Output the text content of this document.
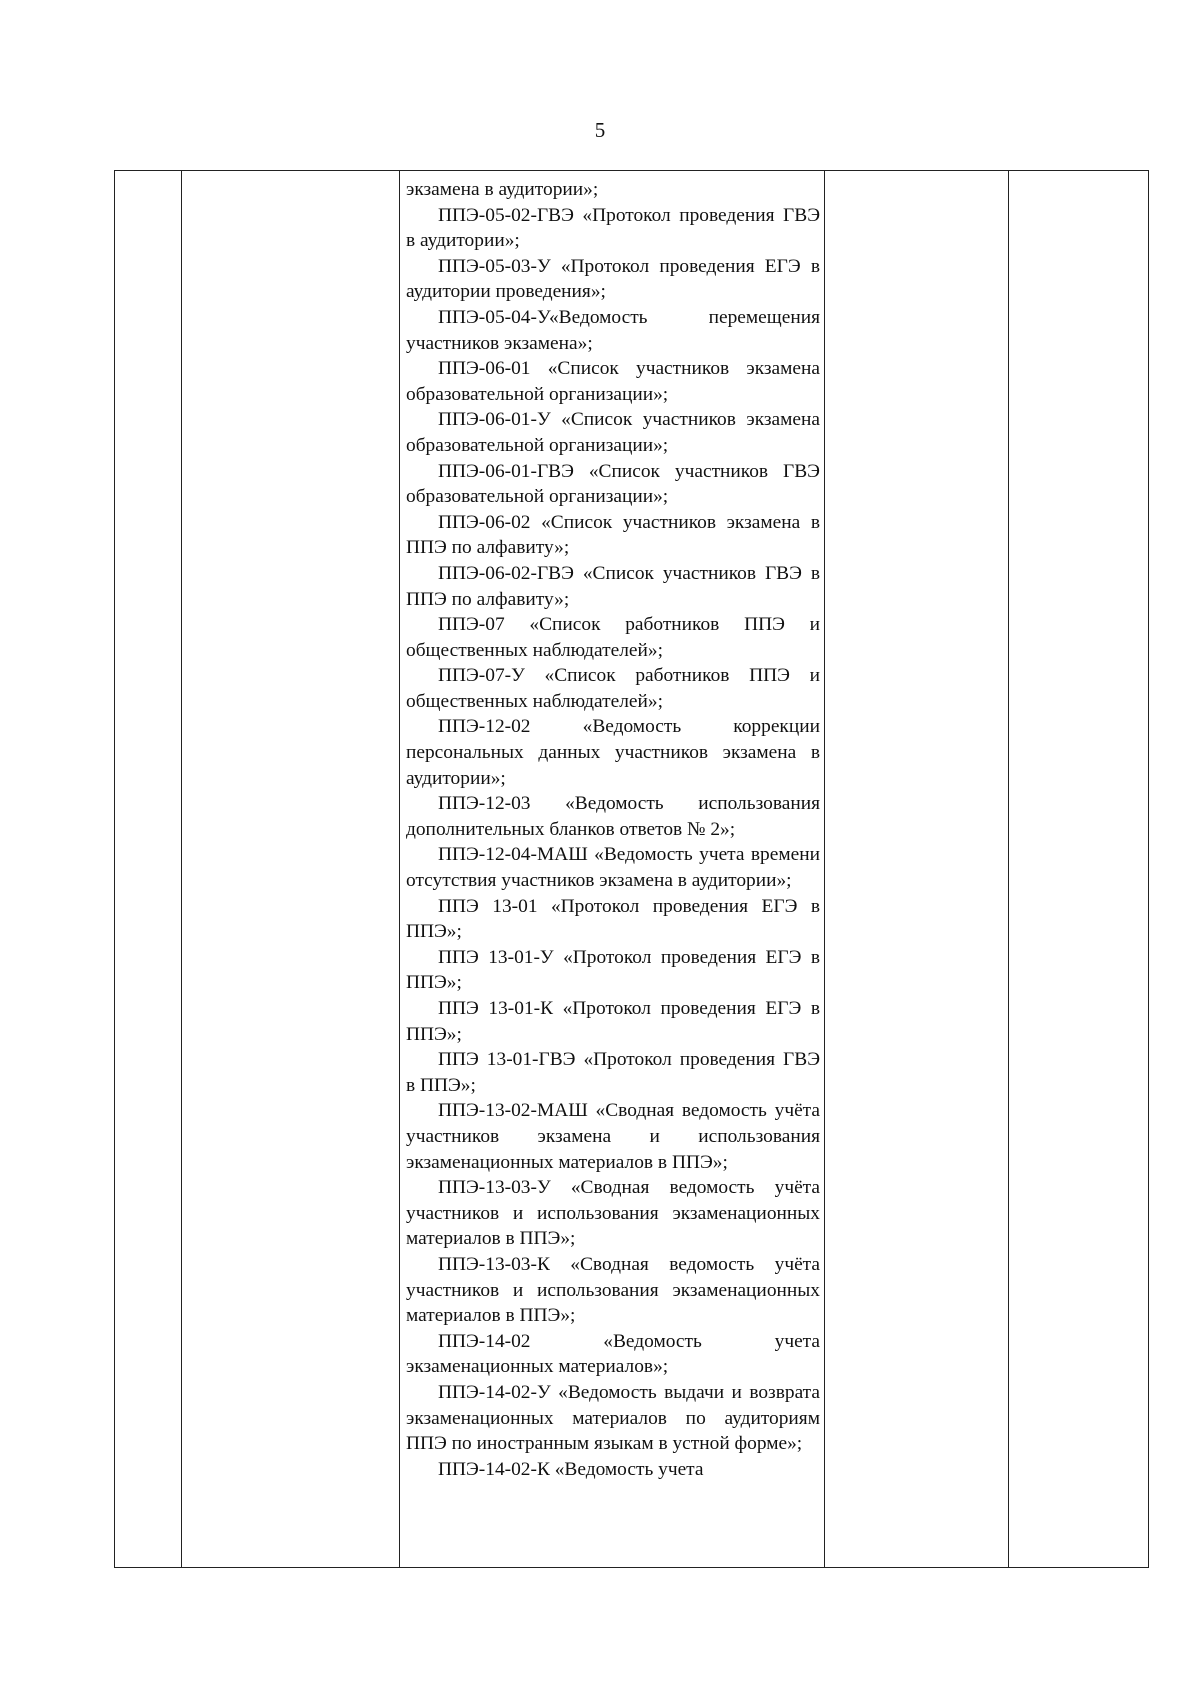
5

экзамена в аудитории»;

ППЭ-05-02-ГВЭ «Протокол проведения ГВЭ в аудитории»;

ППЭ-05-03-У «Протокол проведения ЕГЭ в аудитории проведения»;

ППЭ-05-04-У«Ведомость перемещения участников экзамена»;

ППЭ-06-01 «Список участников экзамена образовательной организации»;

ППЭ-06-01-У «Список участников экзамена образовательной организации»;

ППЭ-06-01-ГВЭ «Список участников ГВЭ образовательной организации»;

ППЭ-06-02 «Список участников экзамена в ППЭ по алфавиту»;

ППЭ-06-02-ГВЭ «Список участников ГВЭ в ППЭ по алфавиту»;

ППЭ-07 «Список работников ППЭ и общественных наблюдателей»;

ППЭ-07-У «Список работников ППЭ и общественных наблюдателей»;

ППЭ-12-02 «Ведомость коррекции персональных данных участников экзамена в аудитории»;

ППЭ-12-03 «Ведомость использования дополнительных бланков ответов № 2»;

ППЭ-12-04-МАШ «Ведомость учета времени отсутствия участников экзамена в аудитории»;

ППЭ 13-01 «Протокол проведения ЕГЭ в ППЭ»;

ППЭ 13-01-У «Протокол проведения ЕГЭ в ППЭ»;

ППЭ 13-01-К «Протокол проведения ЕГЭ в ППЭ»;

ППЭ 13-01-ГВЭ «Протокол проведения ГВЭ в ППЭ»;

ППЭ-13-02-МАШ «Сводная ведомость учёта участников экзамена и использования экзаменационных материалов в ППЭ»;

ППЭ-13-03-У «Сводная ведомость учёта участников и использования экзаменационных материалов в ППЭ»;

ППЭ-13-03-К «Сводная ведомость учёта участников и использования экзаменационных материалов в ППЭ»;

ППЭ-14-02 «Ведомость учета экзаменационных материалов»;

ППЭ-14-02-У «Ведомость выдачи и возврата экзаменационных материалов по аудиториям ППЭ по иностранным языкам в устной форме»;

ППЭ-14-02-К «Ведомость учета
